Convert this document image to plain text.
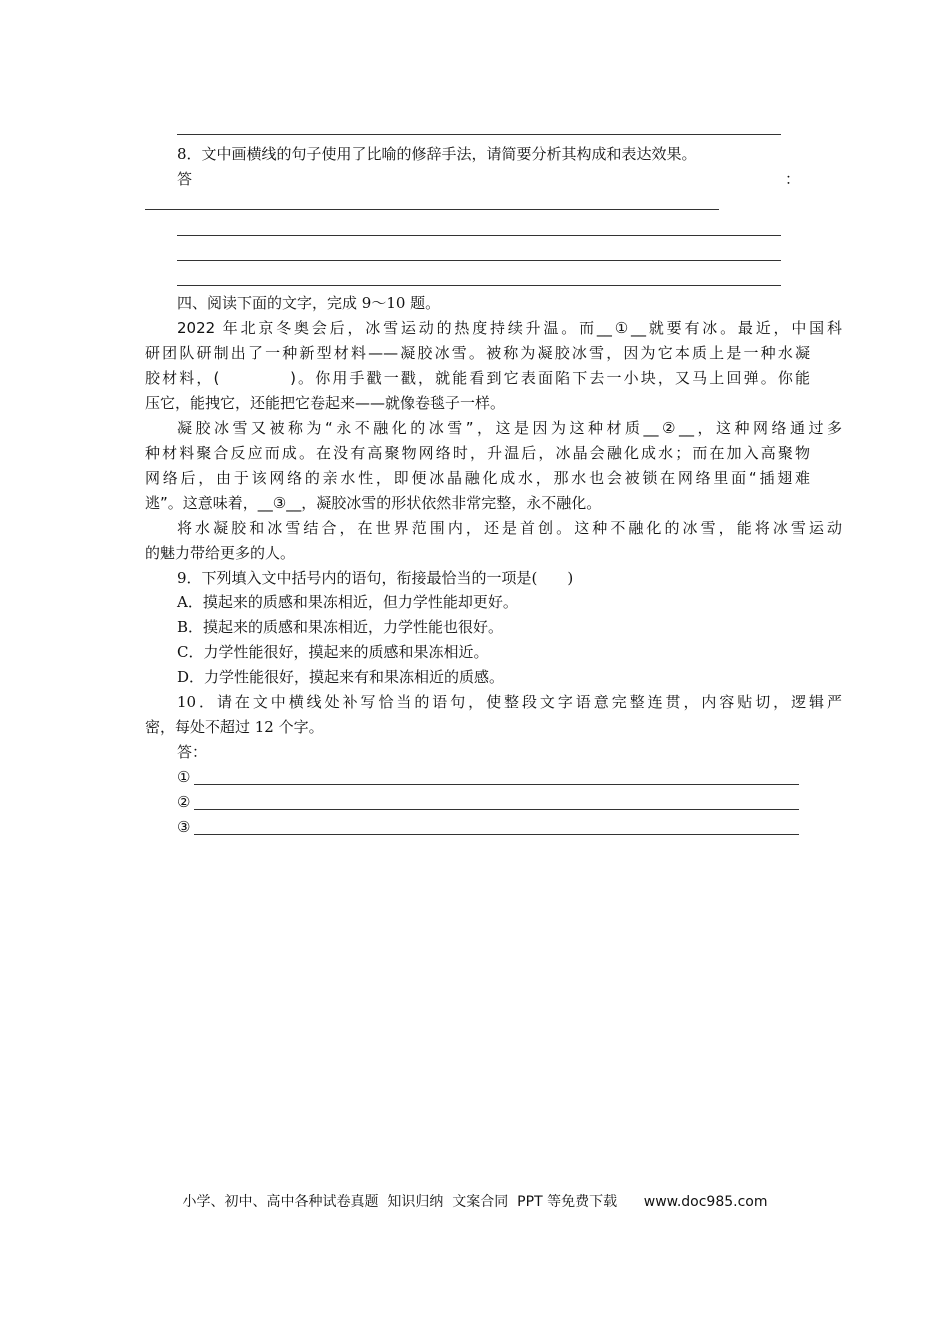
8．文中画横线的句子使用了比喻的修辞手法，请简要分析其构成和表达效果。
答	：
四、阅读下面的文字，完成 9～10 题。
2022 年北京冬奥会后，冰雪运动的热度持续升温。而__①__就要有冰。最近，中国科
研团队研制出了一种新型材料——凝胶冰雪。被称为凝胶冰雪，因为它本质上是一种水凝
胶材料，(　　　　)。你用手戳一戳，就能看到它表面陷下去一小块，又马上回弹。你能
压它，能拽它，还能把它卷起来——就像卷毯子一样。
凝胶冰雪又被称为“永不融化的冰雪”，这是因为这种材质__②__，这种网络通过多
种材料聚合反应而成。在没有高聚物网络时，升温后，冰晶会融化成水；而在加入高聚物
网络后，由于该网络的亲水性，即便冰晶融化成水，那水也会被锁在网络里面“插翅难
逃”。这意味着，__③__，凝胶冰雪的形状依然非常完整，永不融化。
将水凝胶和冰雪结合，在世界范围内，还是首创。这种不融化的冰雪，能将冰雪运动
的魅力带给更多的人。
9．下列填入文中括号内的语句，衔接最恰当的一项是(　　)
A．摸起来的质感和果冻相近，但力学性能却更好。
B．摸起来的质感和果冻相近，力学性能也很好。
C．力学性能很好，摸起来的质感和果冻相近。
D．力学性能很好，摸起来有和果冻相近的质感。
10．请在文中横线处补写恰当的语句，使整段文字语意完整连贯，内容贴切，逻辑严
密，每处不超过 12 个字。
答：
①
②
③
小学、初中、高中各种试卷真题  知识归纳  文案合同  PPT 等免费下载      www.doc985.com
